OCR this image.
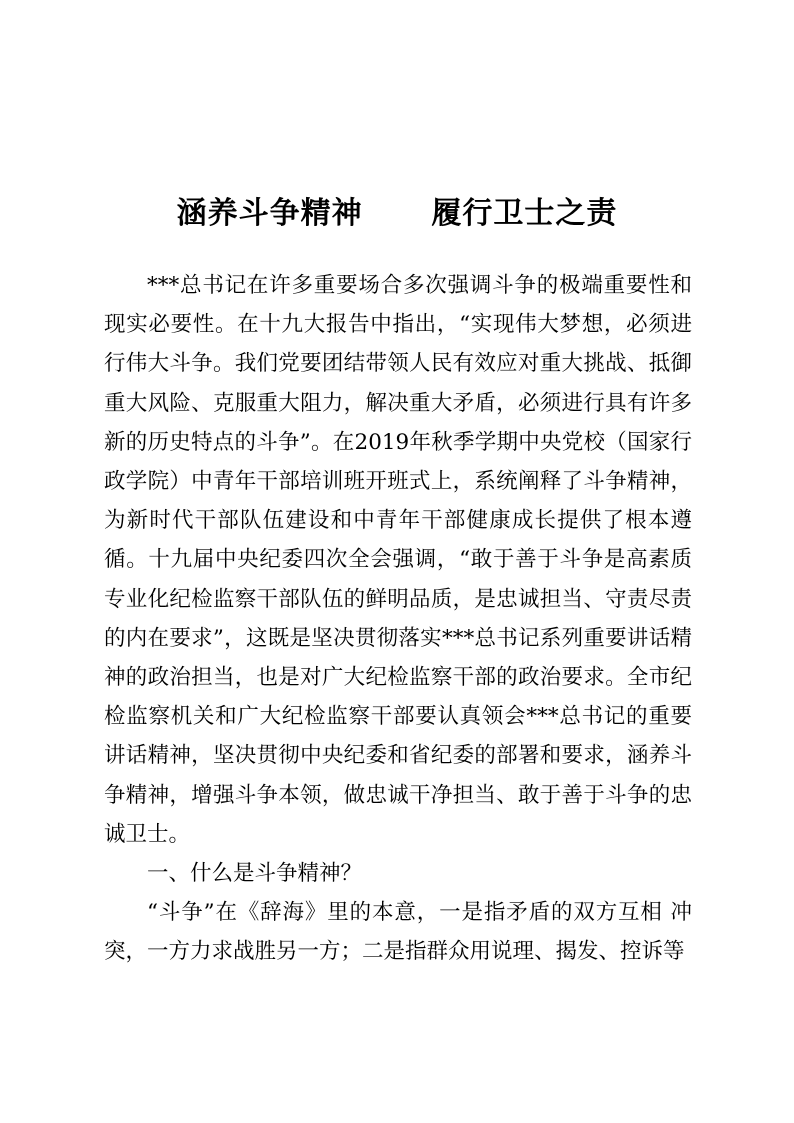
涵养斗争精神      履行卫士之责

***总书记在许多重要场合多次强调斗争的极端重要性和现实必要性。在十九大报告中指出，“实现伟大梦想，必须进行伟大斗争。我们党要团结带领人民有效应对重大挑战、抵御重大风险、克服重大阻力，解决重大矛盾，必须进行具有许多新的历史特点的斗争”。在2019年秋季学期中央党校（国家行政学院）中青年干部培训班开班式上，系统阐释了斗争精神，为新时代干部队伍建设和中青年干部健康成长提供了根本遵循。十九届中央纪委四次全会强调，“敢于善于斗争是高素质专业化纪检监察干部队伍的鲜明品质，是忠诚担当、守责尽责的内在要求”，这既是坚决贯彻落实***总书记系列重要讲话精神的政治担当，也是对广大纪检监察干部的政治要求。全市纪检监察机关和广大纪检监察干部要认真领会***总书记的重要讲话精神，坚决贯彻中央纪委和省纪委的部署和要求，涵养斗争精神，增强斗争本领，做忠诚干净担当、敢于善于斗争的忠诚卫士。

一、什么是斗争精神？

“斗争”在《辞海》里的本意，一是指矛盾的双方互相 冲突，一方力求战胜另一方；二是指群众用说理、揭发、控诉等
